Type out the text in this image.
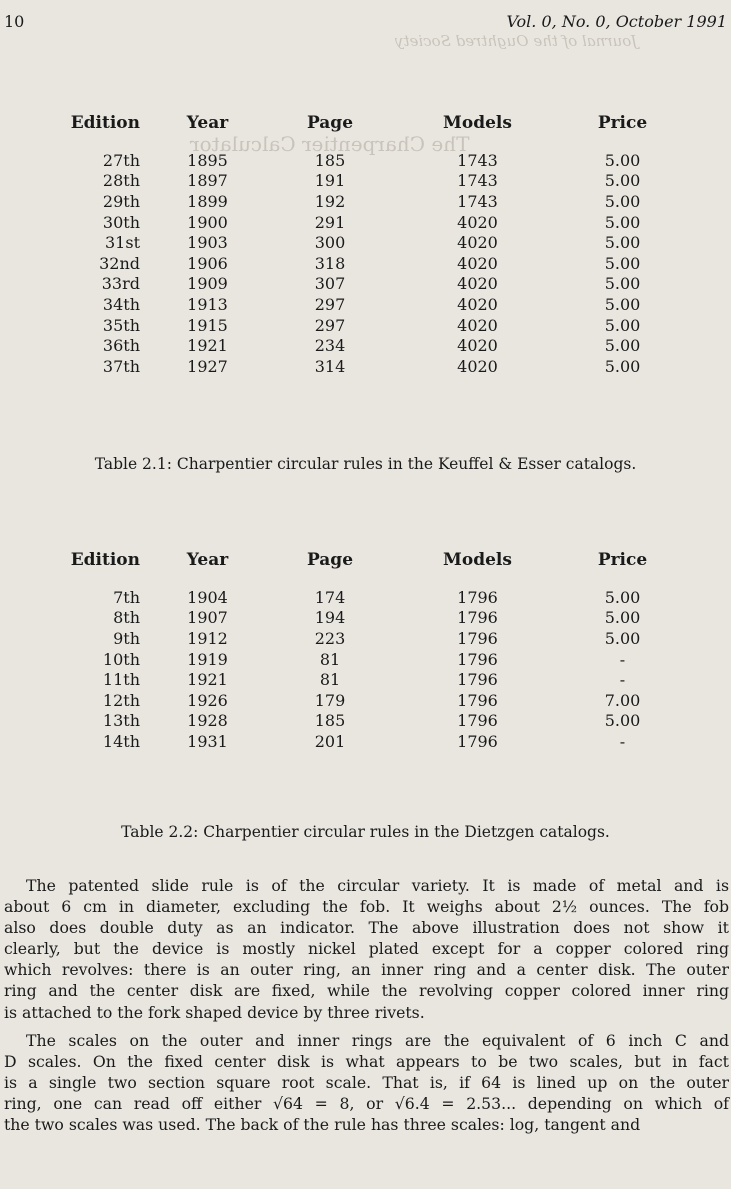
Journal of the Oughtred Society
The Charpentier Calculator
10	Vol. 0, No. 0, October 1991
Edition	Year	Page	Models	Price	

27th	1895	185	1743	5.00	
28th	1897	191	1743	5.00	
29th	1899	192	1743	5.00	
30th	1900	291	4020	5.00	
31st	1903	300	4020	5.00	
32nd	1906	318	4020	5.00	
33rd	1909	307	4020	5.00	
34th	1913	297	4020	5.00	
35th	1915	297	4020	5.00	
36th	1921	234	4020	5.00	
37th	1927	314	4020	5.00	
Table 2.1: Charpentier circular rules in the Keuffel & Esser catalogs.
Edition	Year	Page	Models	Price	

7th	1904	174	1796	5.00	
8th	1907	194	1796	5.00	
9th	1912	223	1796	5.00	
10th	1919	81	1796	-	
11th	1921	81	1796	-	
12th	1926	179	1796	7.00	
13th	1928	185	1796	5.00	
14th	1931	201	1796	-	
Table 2.2: Charpentier circular rules in the Dietzgen catalogs.
The patented slide rule is of the circular variety. It is made of metal and is
about 6 cm in diameter, excluding the fob. It weighs about 2½ ounces. The fob
also does double duty as an indicator. The above illustration does not show it
clearly, but the device is mostly nickel plated except for a copper colored ring
which revolves: there is an outer ring, an inner ring and a center disk. The outer
ring and the center disk are fixed, while the revolving copper colored inner ring
is attached to the fork shaped device by three rivets.
The scales on the outer and inner rings are the equivalent of 6 inch C and
D scales. On the fixed center disk is what appears to be two scales, but in fact
is a single two section square root scale. That is, if 64 is lined up on the outer
ring, one can read off either √64 = 8, or √6.4 = 2.53... depending on which of
the two scales was used. The back of the rule has three scales: log, tangent and
